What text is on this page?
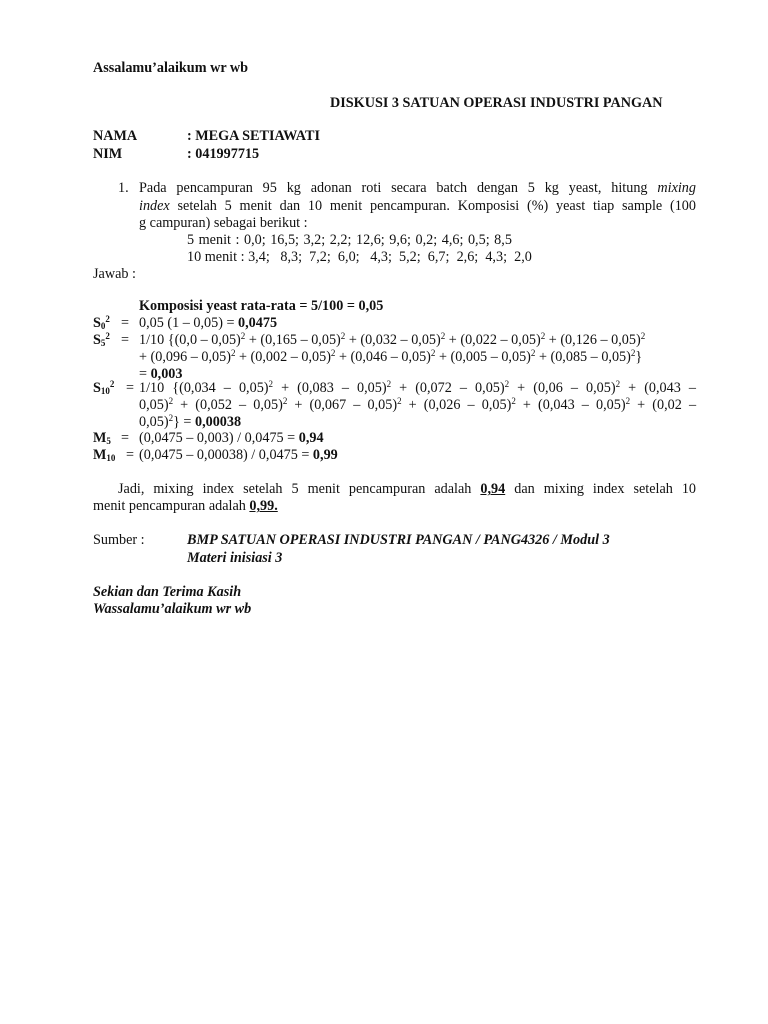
Assalamu’alaikum wr wb
DISKUSI 3 SATUAN OPERASI INDUSTRI PANGAN
NAMA	: MEGA SETIAWATI
NIM	: 041997715
1. Pada pencampuran 95 kg adonan roti secara batch dengan 5 kg yeast, hitung mixing
index setelah 5 menit dan 10 menit pencampuran. Komposisi (%) yeast tiap sample (100
g campuran) sebagai berikut :
5 menit : 0,0; 16,5; 3,2; 2,2; 12,6; 9,6; 0,2; 4,6; 0,5; 8,5
10 menit : 3,4;   8,3;  7,2;  6,0;   4,3;  5,2;  6,7;  2,6;  4,3;  2,0
Jawab :
Komposisi yeast rata-rata = 5/100 = 0,05
$S_0^2 = 0,05$ (1 – 0,05) = 0,0475
$S_5^2 = 1/10$ {(0,0 – 0,05)$^2$ + (0,165 – 0,05)$^2$ + (0,032 – 0,05)$^2$ + (0,022 – 0,05)$^2$ + (0,126 – 0,05)$^2$
+ (0,096 – 0,05)$^2$ + (0,002 – 0,05)$^2$ + (0,046 – 0,05)$^2$ + (0,005 – 0,05)$^2$ + (0,085 – 0,05)$^2$}
= 0,003
$S_{10}^2 = 1/10$ {(0,034 – 0,05)$^2$ + (0,083 – 0,05)$^2$ + (0,072 – 0,05)$^2$ + (0,06 – 0,05)$^2$ + (0,043 –
0,05)$^2$ + (0,052 – 0,05)$^2$ + (0,067 – 0,05)$^2$ + (0,026 – 0,05)$^2$ + (0,043 – 0,05)$^2$ + (0,02 –
0,05)$^2$} = 0,00038
$M_5 = (0,0475 - 0,003) / 0,0475 = 0,94$
$M_{10} = (0,0475 - 0,00038) / 0,0475 = 0,99$
Jadi, mixing index setelah 5 menit pencampuran adalah 0,94 dan mixing index setelah 10
menit pencampuran adalah 0,99.
Sumber :	BMP SATUAN OPERASI INDUSTRI PANGAN / PANG4326 / Modul 3
Materi inisiasi 3
Sekian dan Terima Kasih
Wassalamu’alaikum wr wb
